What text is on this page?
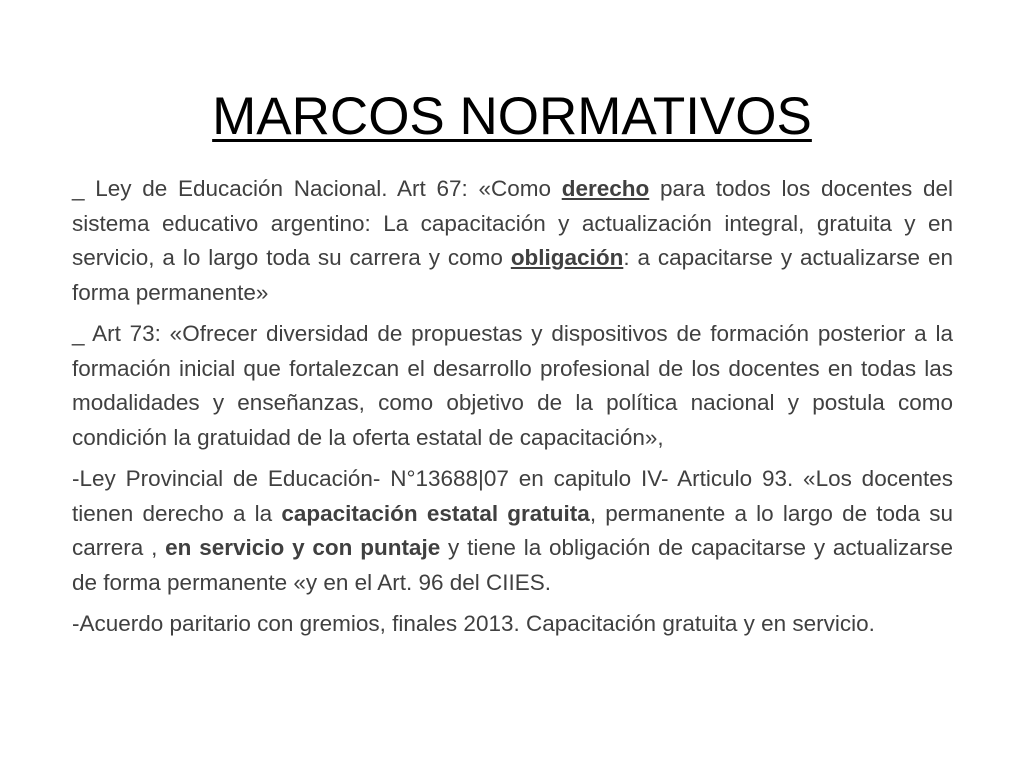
MARCOS NORMATIVOS

_ Ley de Educación Nacional. Art 67: «Como derecho para todos los docentes del sistema educativo argentino: La capacitación y actualización integral, gratuita y en servicio, a lo largo toda su carrera y como obligación: a capacitarse y actualizarse en forma permanente»

_ Art 73: «Ofrecer diversidad de propuestas y dispositivos de formación posterior a la formación inicial que fortalezcan el desarrollo profesional de los docentes en todas las modalidades y enseñanzas, como objetivo de la política nacional y postula como condición la gratuidad de la oferta estatal de capacitación»,

-Ley Provincial de Educación- N°13688|07 en capitulo IV- Articulo 93. «Los docentes tienen derecho a la capacitación estatal gratuita, permanente a lo largo de toda su carrera , en servicio y con puntaje y tiene la obligación de capacitarse y actualizarse de forma permanente «y en el Art. 96 del CIIES.

-Acuerdo paritario con gremios, finales 2013. Capacitación gratuita y en servicio.
